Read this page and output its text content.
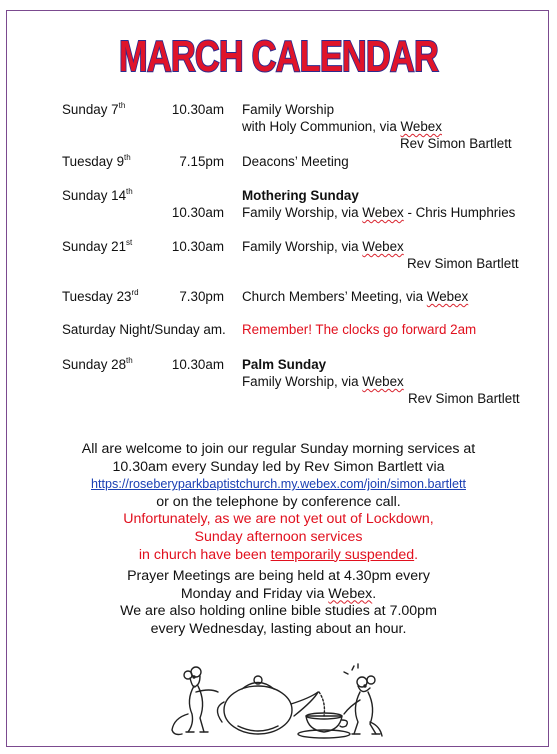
MARCH CALENDAR
Sunday 7th	10.30am Family Worship
with Holy Communion, via Webex
Rev Simon Bartlett
Tuesday 9th	7.15pm Deacons’ Meeting
Sunday 14th	Mothering Sunday
10.30am Family Worship, via Webex - Chris Humphries
Sunday 21st	10.30am Family Worship, via Webex
Rev Simon Bartlett
Tuesday 23rd	7.30pm Church Members’ Meeting, via Webex
Saturday Night/Sunday am. Remember! The clocks go forward 2am
Sunday 28th	10.30am Palm Sunday
Family Worship, via Webex
Rev Simon Bartlett
All are welcome to join our regular Sunday morning services at
10.30am every Sunday led by Rev Simon Bartlett via
https://roseberyparkbaptistchurch.my.webex.com/join/simon.bartlett
or on the telephone by conference call.
Unfortunately, as we are not yet out of Lockdown,
Sunday afternoon services
in church have been temporarily suspended.
Prayer Meetings are being held at 4.30pm every
Monday and Friday via Webex.
We are also holding online bible studies at 7.00pm
every Wednesday, lasting about an hour.
